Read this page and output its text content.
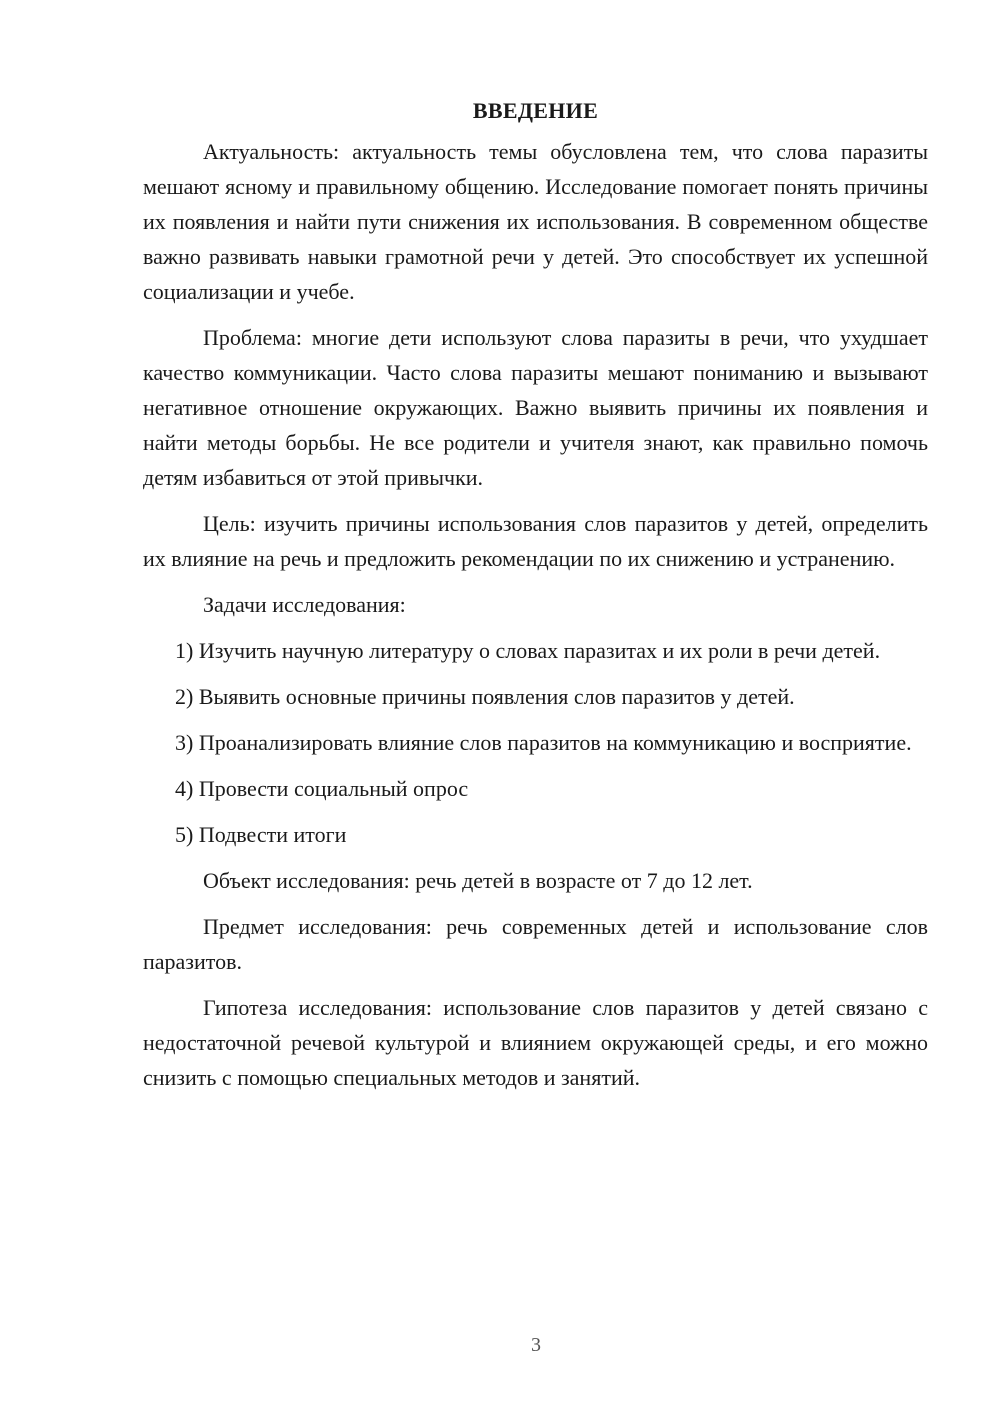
ВВЕДЕНИЕ

Актуальность: актуальность темы обусловлена тем, что слова паразиты мешают ясному и правильному общению. Исследование помогает понять причины их появления и найти пути снижения их использования. В современном обществе важно развивать навыки грамотной речи у детей. Это способствует их успешной социализации и учебе.

Проблема: многие дети используют слова паразиты в речи, что ухудшает качество коммуникации. Часто слова паразиты мешают пониманию и вызывают негативное отношение окружающих. Важно выявить причины их появления и найти методы борьбы. Не все родители и учителя знают, как правильно помочь детям избавиться от этой привычки.

Цель: изучить причины использования слов паразитов у детей, определить их влияние на речь и предложить рекомендации по их снижению и устранению.

Задачи исследования:

1) Изучить научную литературу о словах паразитах и их роли в речи детей.

2) Выявить основные причины появления слов паразитов у детей.

3) Проанализировать влияние слов паразитов на коммуникацию и восприятие.

4) Провести социальный опрос

5) Подвести итоги

Объект исследования: речь детей в возрасте от 7 до 12 лет.

Предмет исследования: речь современных детей и использование слов паразитов.

Гипотеза исследования: использование слов паразитов у детей связано с недостаточной речевой культурой и влиянием окружающей среды, и его можно снизить с помощью специальных методов и занятий.

3
